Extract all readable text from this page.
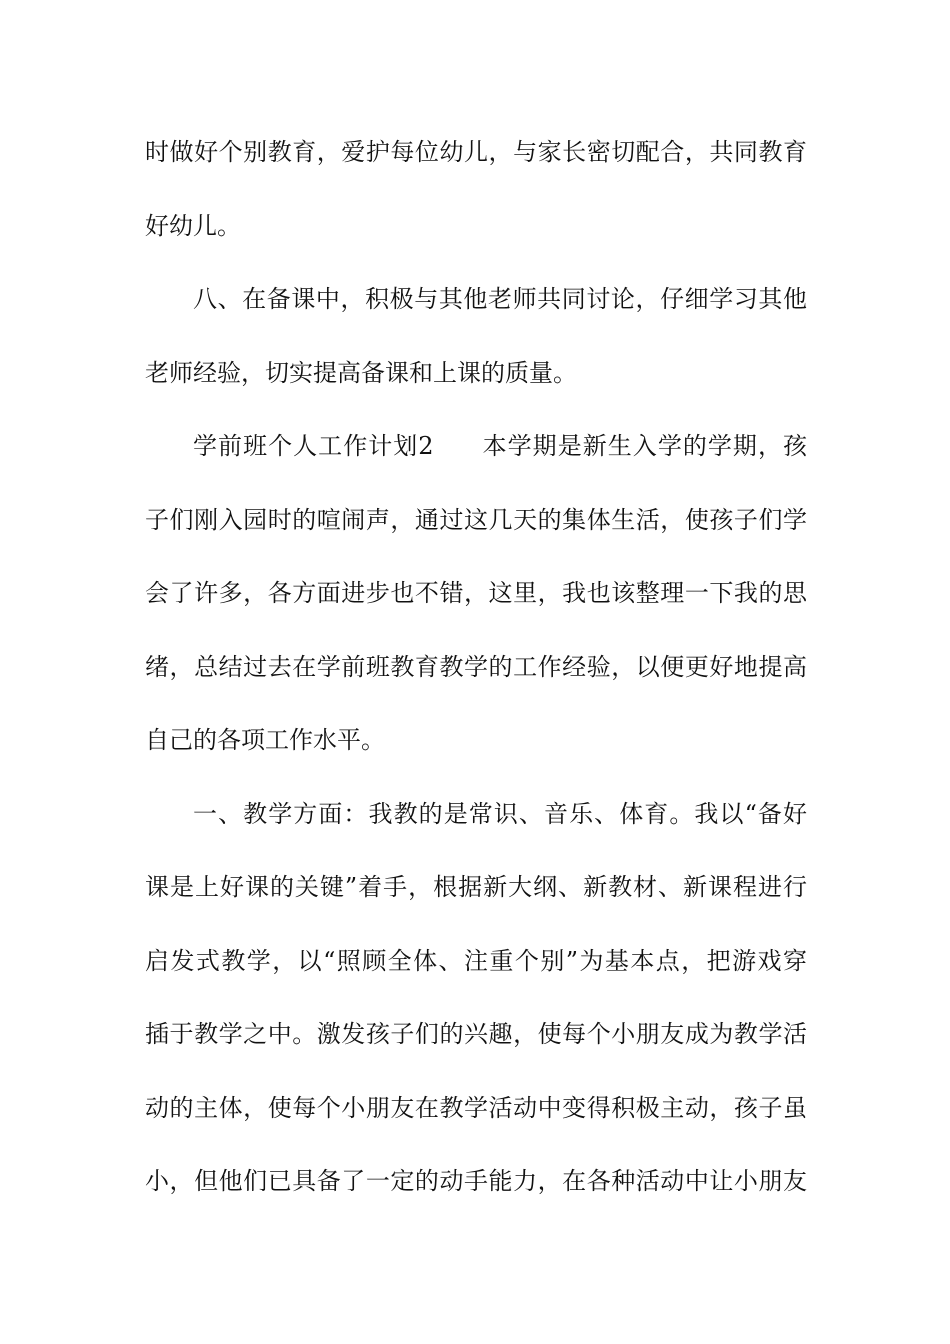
时做好个别教育，爱护每位幼儿，与家长密切配合，共同教育
好幼儿。
八、在备课中，积极与其他老师共同讨论，仔细学习其他
老师经验，切实提高备课和上课的质量。
学前班个人工作计划2 本学期是新生入学的学期，孩
子们刚入园时的喧闹声，通过这几天的集体生活，使孩子们学
会了许多，各方面进步也不错，这里，我也该整理一下我的思
绪，总结过去在学前班教育教学的工作经验，以便更好地提高
自己的各项工作水平。
一、教学方面：我教的是常识、音乐、体育。我以“备好
课是上好课的关键”着手，根据新大纲、新教材、新课程进行
启发式教学，以“照顾全体、注重个别”为基本点，把游戏穿
插于教学之中。激发孩子们的兴趣，使每个小朋友成为教学活
动的主体，使每个小朋友在教学活动中变得积极主动，孩子虽
小，但他们已具备了一定的动手能力，在各种活动中让小朋友
